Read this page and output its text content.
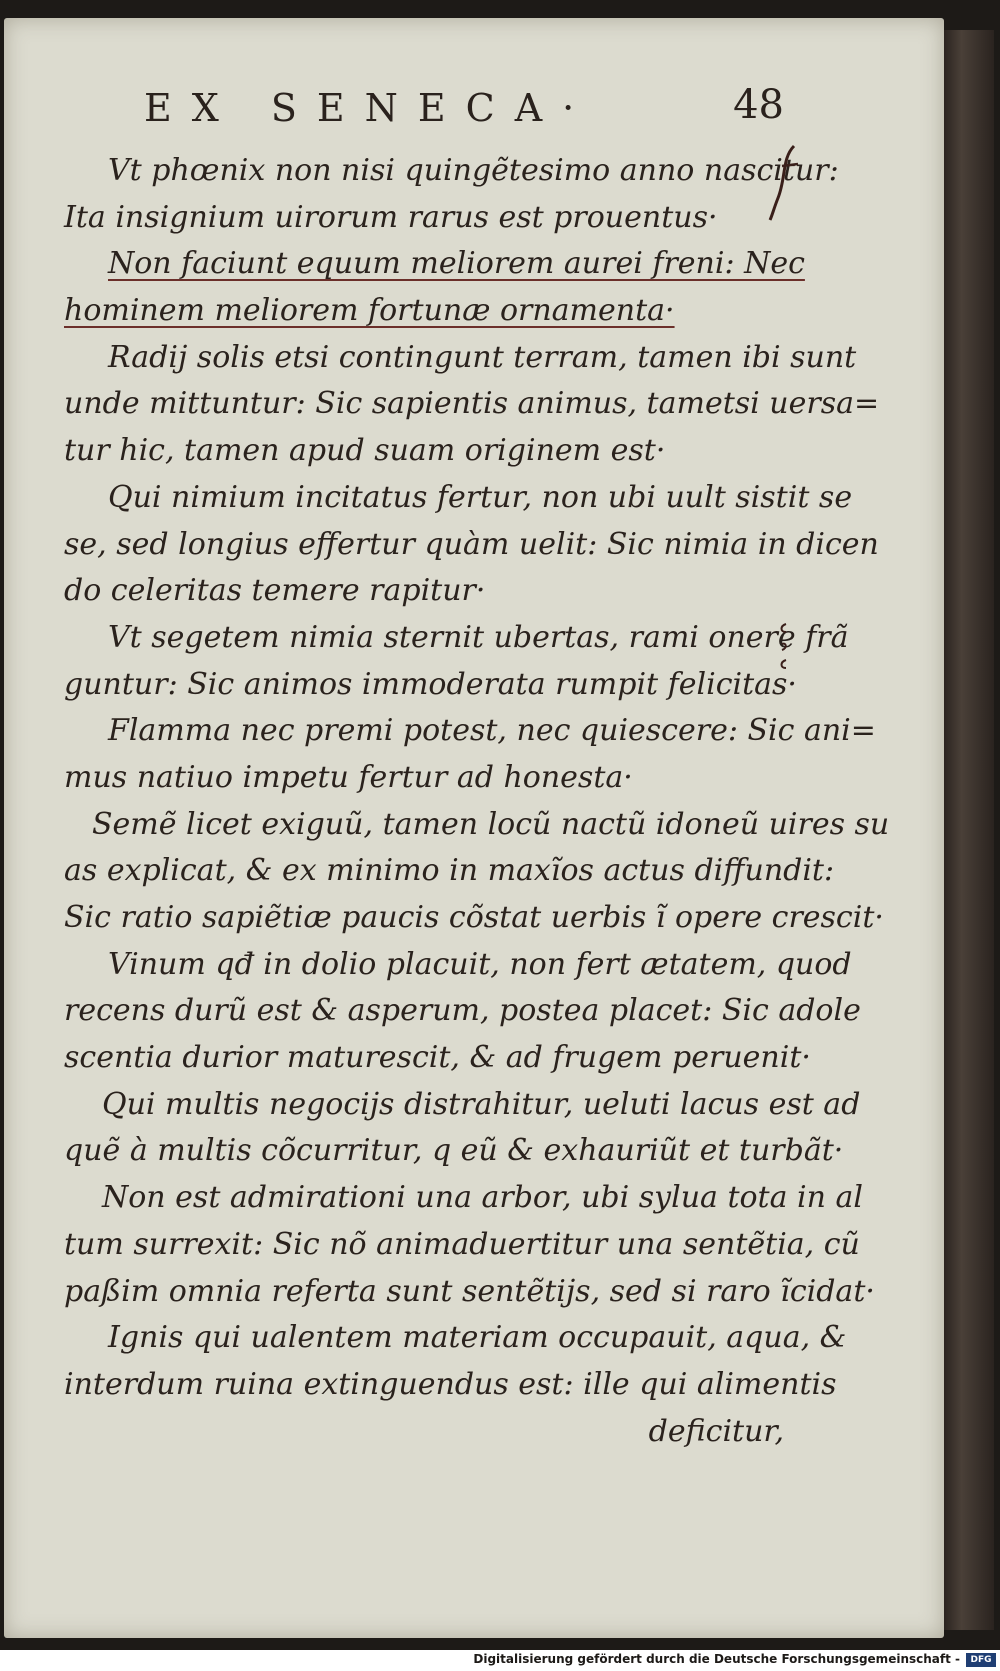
EX SENECA·	48
Vt phœnix non nisi quingẽtesimo anno nascitur:
Ita insignium uirorum rarus est prouentus·
Non faciunt equum meliorem aurei freni: Nec
hominem meliorem fortunæ ornamenta·
Radij solis etsi contingunt terram, tamen ibi sunt
unde mittuntur: Sic sapientis animus, tametsi uersa=
tur hic, tamen apud suam originem est·
Qui nimium incitatus fertur, non ubi uult sistit se
se, sed longius effertur quàm uelit: Sic nimia in dicen
do celeritas temere rapitur·
Vt segetem nimia sternit ubertas, rami onere frã
guntur: Sic animos immoderata rumpit felicitas·
Flamma nec premi potest, nec quiescere: Sic ani=
mus natiuo impetu fertur ad honesta·
Semẽ licet exiguũ, tamen locũ nactũ idoneũ uires su
as explicat, & ex minimo in maxĩos actus diffundit:
Sic ratio sapiẽtiæ paucis cõstat uerbis ĩ opere crescit·
Vinum qđ in dolio placuit, non fert ætatem, quod
recens durũ est & asperum, postea placet: Sic adole
scentia durior maturescit, & ad frugem peruenit·
Qui multis negocijs distrahitur, ueluti lacus est ad
quẽ à multis cõcurritur, q eũ & exhauriũt et turbãt·
Non est admirationi una arbor, ubi sylua tota in al
tum surrexit: Sic nõ animaduertitur una sentẽtia, cũ
paßim omnia referta sunt sentẽtijs, sed si raro ĩcidat·
Ignis qui ualentem materiam occupauit, aqua, &
interdum ruina extinguendus est: ille qui alimentis
deficitur,
Digitalisierung gefördert durch die Deutsche Forschungsgemeinschaft -	DFG
